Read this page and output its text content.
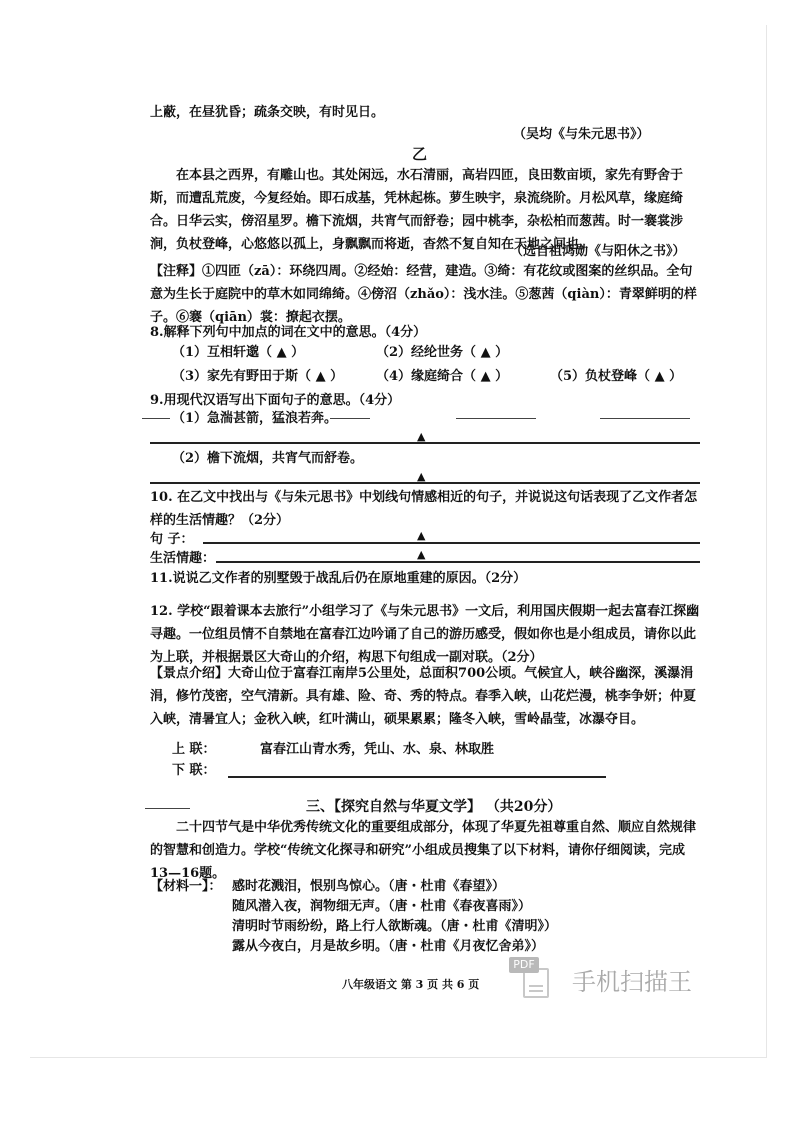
上蔽，在昼犹昏；疏条交映，有时见日。
（吴均《与朱元思书》）
乙
在本县之西界，有雕山也。其处闲远，水石清丽，高岩四匝，良田数亩顷，家先有野舍于斯，而遭乱荒废，今复经始。即石成基，凭林起栋。萝生映宇，泉流绕阶。月松风草，缘庭绮合。日华云实，傍沼星罗。檐下流烟，共宵气而舒卷；园中桃李，杂松柏而葱茜。时一褰裳涉涧，负杖登峰，心悠悠以孤上，身飘飘而将逝，杳然不复自知在天地之间也。
（选自祖鸿勋《与阳休之书》）
【注释】①四匝（zā）：环绕四周。②经始：经营，建造。③绮：有花纹或图案的丝织品。全句意为生长于庭院中的草木如同绵绮。④傍沼（zhǎo）：浅水洼。⑤葱茜（qiàn）：青翠鲜明的样子。⑥褰（qiān）裳：撩起衣摆。
8.解释下列句中加点的词在文中的意思。（4分）
（1）互相轩邈（ ▲ ）	（2）经纶世务（ ▲ ）
（3）家先有野田于斯（ ▲ ）	（4）缘庭绮合（ ▲ ）	（5）负杖登峰（ ▲ ）
9.用现代汉语写出下面句子的意思。（4分）
（1）急湍甚箭，猛浪若奔。
▲
（2）檐下流烟，共宵气而舒卷。
▲
10. 在乙文中找出与《与朱元思书》中划线句情感相近的句子，并说说这句话表现了乙文作者怎样的生活情趣？（2分）
句 子：	▲
生活情趣：	▲
11.说说乙文作者的别墅毁于战乱后仍在原地重建的原因。（2分）
12. 学校“跟着课本去旅行”小组学习了《与朱元思书》一文后，利用国庆假期一起去富春江探幽寻趣。一位组员情不自禁地在富春江边吟诵了自己的游历感受，假如你也是小组成员，请你以此为上联，并根据景区大奇山的介绍，构思下句组成一副对联。（2分）
【景点介绍】大奇山位于富春江南岸5公里处，总面积700公顷。气候宜人，峡谷幽深，溪瀑涓涓，修竹茂密，空气清新。具有雄、险、奇、秀的特点。春季入峡，山花烂漫，桃李争妍；仲夏入峡，清暑宜人；金秋入峡，红叶满山，硕果累累；隆冬入峡，雪岭晶莹，冰瀑夺目。
上 联：	富春江山青水秀，凭山、水、泉、林取胜
下 联：
三、【探究自然与华夏文学】 （共20分）
二十四节气是中华优秀传统文化的重要组成部分，体现了华夏先祖尊重自然、顺应自然规律的智慧和创造力。学校“传统文化探寻和研究”小组成员搜集了以下材料，请你仔细阅读，完成13—16题。
【材料一】： 感时花溅泪，恨别鸟惊心。（唐・杜甫《春望》）
随风潜入夜，润物细无声。（唐・杜甫《春夜喜雨》）
清明时节雨纷纷，路上行人欲断魂。（唐・杜甫《清明》）
露从今夜白，月是故乡明。（唐・杜甫《月夜忆舍弟》）
八年级语文 第 3 页 共 6 页
PDF
手机扫描王
